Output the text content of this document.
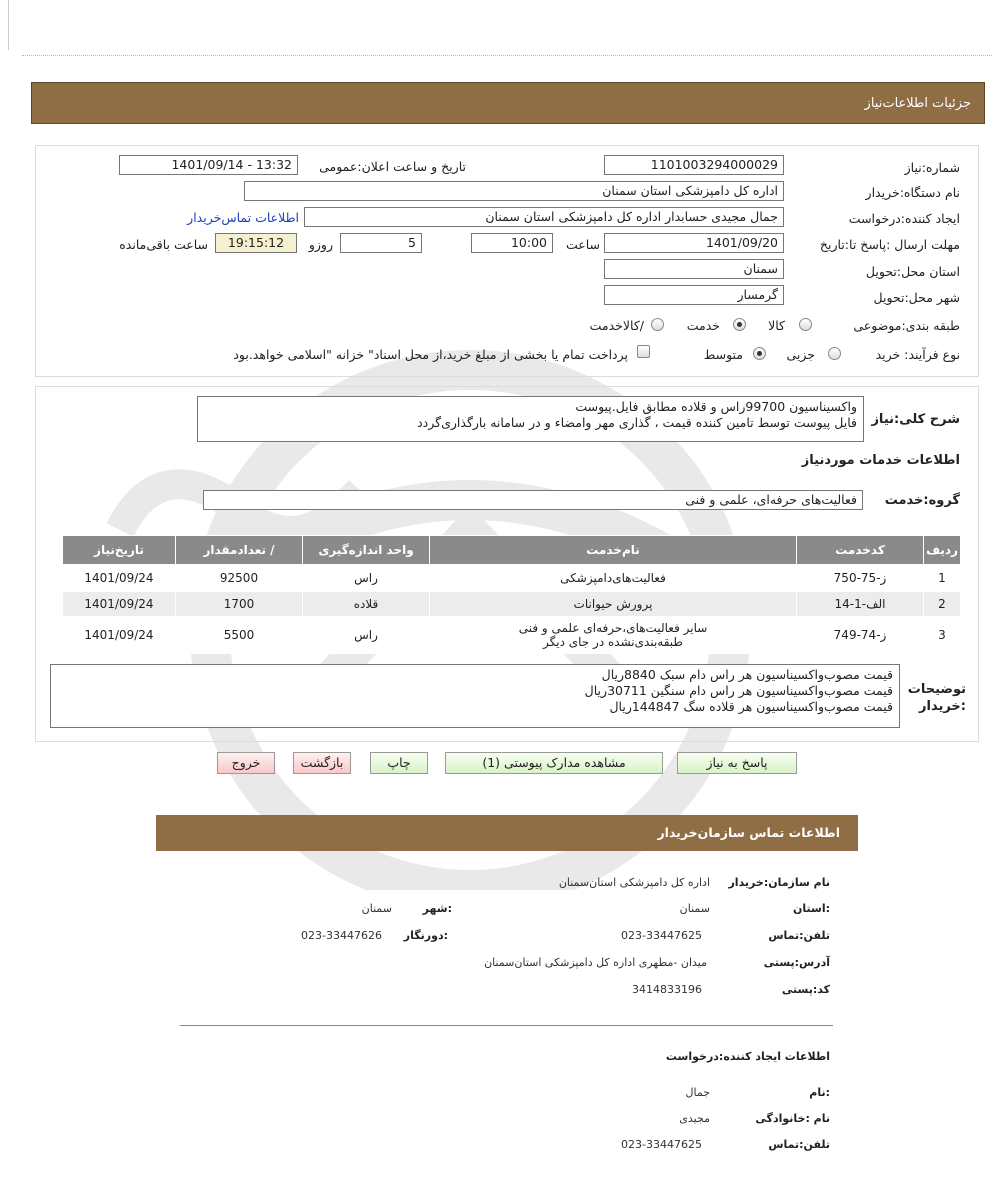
جزئیات
اطلاعات‌نیاز
شماره:نیاز
1101003294000029
تاریخ و ساعت اعلان:عمومی
1401/09/14 - 13:32
نام دستگاه:خریدار
اداره کل دامپزشکی استان سمنان
ایجاد کننده:درخواست
جمال مجیدی حسابدار اداره کل دامپزشکی استان سمنان
اطلاعات تماس‌خریدار
مهلت ارسال :پاسخ تا:تاریخ
1401/09/20
ساعت
10:00
5
روزو
19:15:12
ساعت باقی‌مانده
استان محل:تحویل
سمنان
شهر محل:تحویل
گرمسار
طبقه بندی:موضوعی
کالا
خدمت
/کالاخدمت
نوع فرآیند: خرید
جزیی
متوسط
پرداخت تمام یا بخشی از مبلغ خرید،از محل اسناد" خزانه "اسلامی خواهد.بود
شرح کلی:نیاز
واکسیناسیون 99700راس و قلاده مطابق فایل.پیوست
فایل پیوست توسط تامین کننده قیمت ، گذاری مهر وامضاء و در سامانه بارگذاری‌گردد
اطلاعات خدمات موردنیاز
گروه:خدمت
فعالیت‌های حرفه‌ای، علمی و فنی
ردیف	کدخدمت	نام‌خدمت	واحد اندازه‌گیری	/ تعدادمقدار	تاریخ‌نیاز
1	ز-75-750	فعالیت‌های‌دامپزشکی	راس	92500	1401/09/24
2	الف-1-14	پرورش حیوانات	قلاده	1700	1401/09/24
3	ز-74-749	سایر فعالیت‌های،حرفه‌ای علمی و فنی
طبقه‌بندی‌نشده در جای دیگر	راس	5500	1401/09/24
توضیحات
:خریدار
قیمت مصوب‌واکسیناسیون هر راس دام سبک 8840ریال
قیمت مصوب‌واکسیناسیون هر راس دام سنگین 30711ریال
قیمت مصوب‌واکسیناسیون هر قلاده سگ 144847ریال
پاسخ به نیاز
مشاهده مدارک پیوستی (1)
چاپ
بازگشت
خروج
اطلاعات تماس سازمان‌خریدار
نام سازمان:خریدار
اداره کل دامپزشکی استان‌سمنان
:استان
سمنان
:شهر
سمنان
تلفن:تماس
023-33447625
:دورنگار
023-33447626
آدرس:پستی
میدان -مطهری اداره کل دامپزشکی استان‌سمنان
کد:پستی
3414833196
اطلاعات ایجاد کننده:درخواست
:نام
جمال
نام :خانوادگی
مجیدی
تلفن:تماس
023-33447625
